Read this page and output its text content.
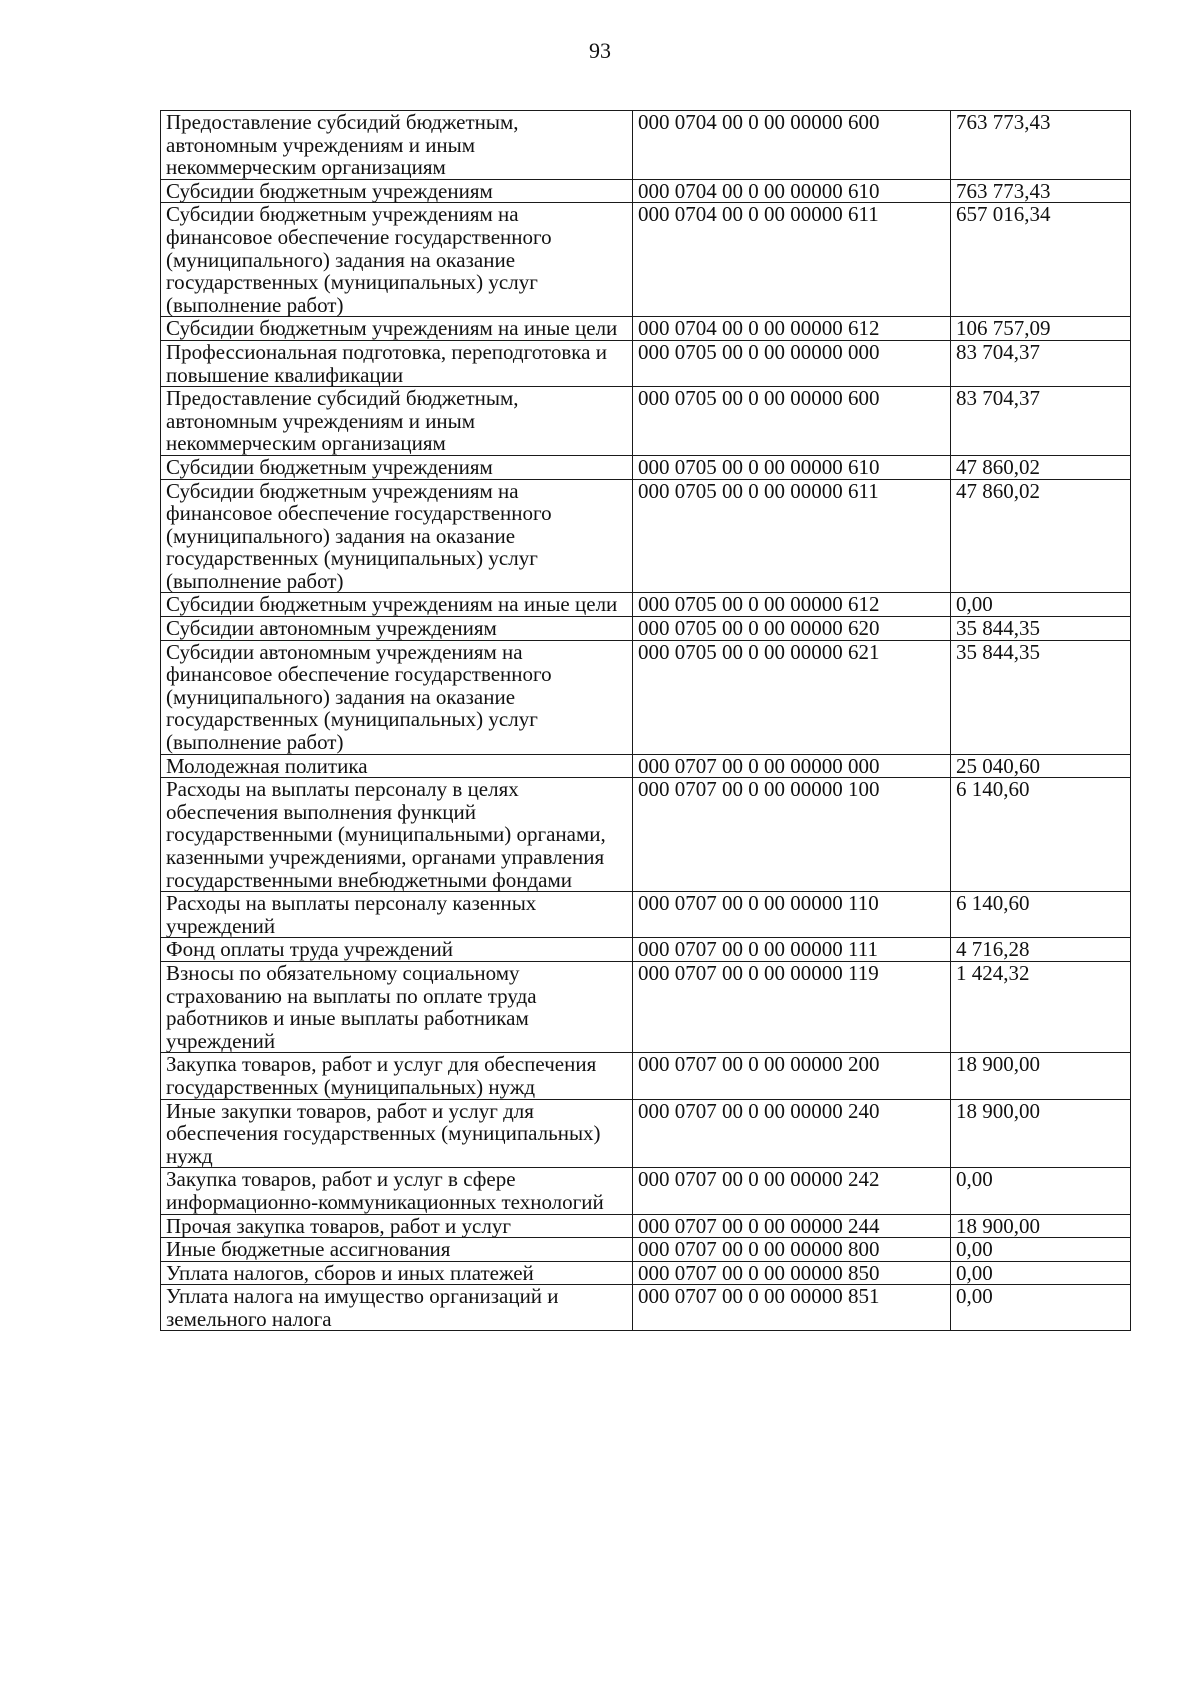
93
Предоставление субсидий бюджетным, автономным учреждениям и иным некоммерческим организациям	000 0704 00 0 00 00000 600	763 773,43
Субсидии бюджетным учреждениям	000 0704 00 0 00 00000 610	763 773,43
Субсидии бюджетным учреждениям на финансовое обеспечение государственного (муниципального) задания на оказание государственных (муниципальных) услуг (выполнение работ)	000 0704 00 0 00 00000 611	657 016,34
Субсидии бюджетным учреждениям на иные цели	000 0704 00 0 00 00000 612	106 757,09
Профессиональная подготовка, переподготовка и повышение квалификации	000 0705 00 0 00 00000 000	83 704,37
Предоставление субсидий бюджетным, автономным учреждениям и иным некоммерческим организациям	000 0705 00 0 00 00000 600	83 704,37
Субсидии бюджетным учреждениям	000 0705 00 0 00 00000 610	47 860,02
Субсидии бюджетным учреждениям на финансовое обеспечение государственного (муниципального) задания на оказание государственных (муниципальных) услуг (выполнение работ)	000 0705 00 0 00 00000 611	47 860,02
Субсидии бюджетным учреждениям на иные цели	000 0705 00 0 00 00000 612	0,00
Субсидии автономным учреждениям	000 0705 00 0 00 00000 620	35 844,35
Субсидии автономным учреждениям на финансовое обеспечение государственного (муниципального) задания на оказание государственных (муниципальных) услуг (выполнение работ)	000 0705 00 0 00 00000 621	35 844,35
Молодежная политика	000 0707 00 0 00 00000 000	25 040,60
Расходы на выплаты персоналу в целях обеспечения выполнения функций государственными (муниципальными) органами, казенными учреждениями, органами управления государственными внебюджетными фондами	000 0707 00 0 00 00000 100	6 140,60
Расходы на выплаты персоналу казенных учреждений	000 0707 00 0 00 00000 110	6 140,60
Фонд оплаты труда учреждений	000 0707 00 0 00 00000 111	4 716,28
Взносы по обязательному социальному страхованию на выплаты по оплате труда работников и иные выплаты работникам учреждений	000 0707 00 0 00 00000 119	1 424,32
Закупка товаров, работ и услуг для обеспечения государственных (муниципальных) нужд	000 0707 00 0 00 00000 200	18 900,00
Иные закупки товаров, работ и услуг для обеспечения государственных (муниципальных) нужд	000 0707 00 0 00 00000 240	18 900,00
Закупка товаров, работ и услуг в сфере информационно-коммуникационных технологий	000 0707 00 0 00 00000 242	0,00
Прочая закупка товаров, работ и услуг	000 0707 00 0 00 00000 244	18 900,00
Иные бюджетные ассигнования	000 0707 00 0 00 00000 800	0,00
Уплата налогов, сборов и иных платежей	000 0707 00 0 00 00000 850	0,00
Уплата налога на имущество организаций и земельного налога	000 0707 00 0 00 00000 851	0,00
